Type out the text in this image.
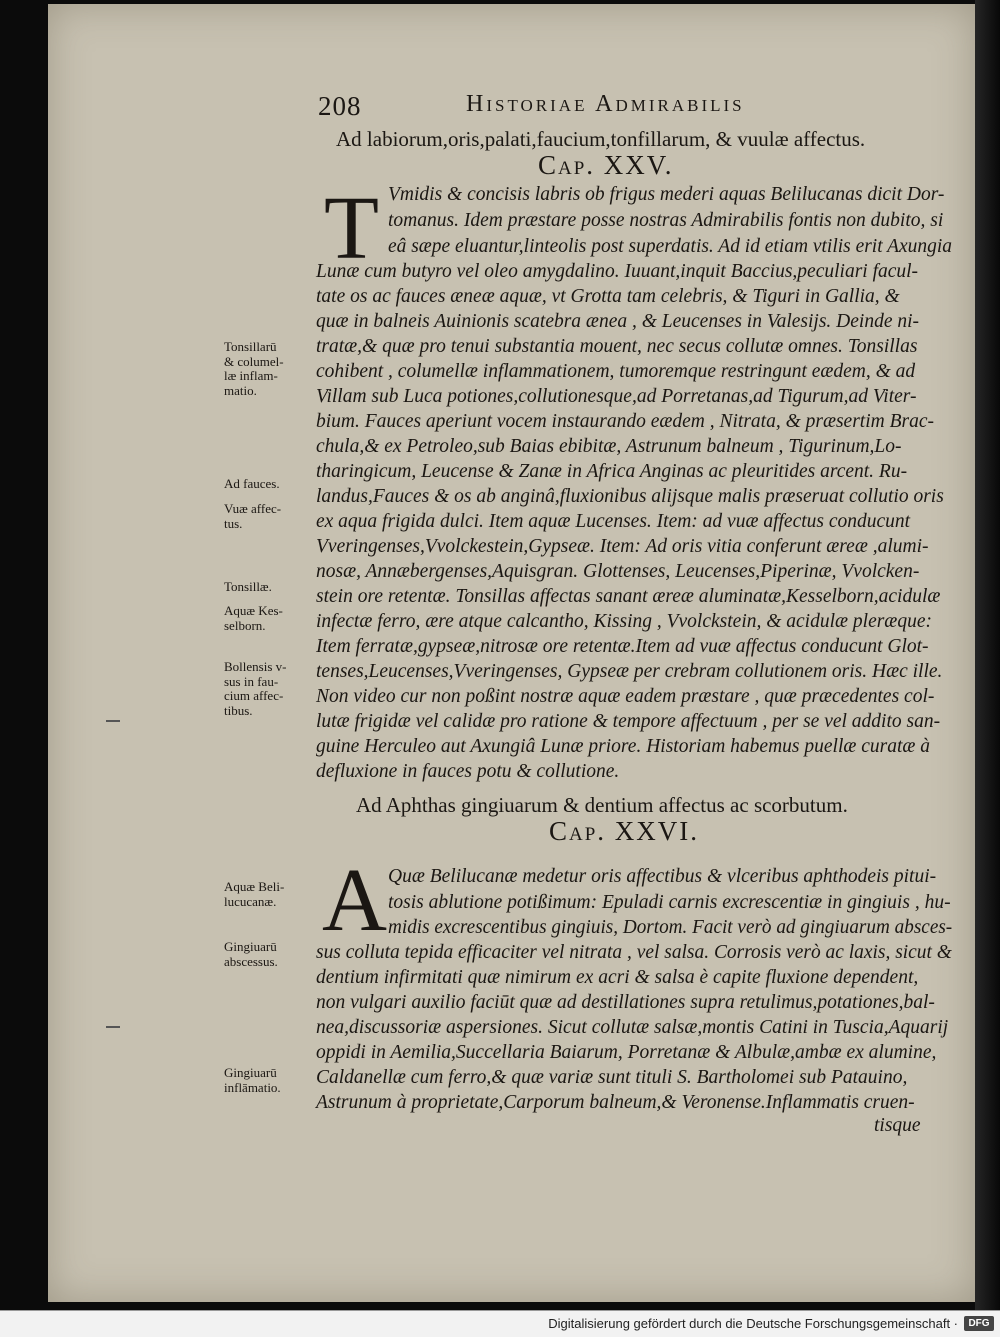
208	Historiae Admirabilis
Ad labiorum,oris,palati,faucium,tonfillarum, & vuulæ affectus.
Cap. XXV.
T Vmidis & concisis labris ob frigus mederi aquas Belilucanas dicit Dor-
tomanus. Idem præstare posse nostras Admirabilis fontis non dubito, si
eâ sæpe eluantur,linteolis post superdatis. Ad id etiam vtilis erit Axungia
Lunæ cum butyro vel oleo amygdalino. Iuuant,inquit Baccius,peculiari facul-
tate os ac fauces æneæ aquæ, vt Grotta tam celebris, & Tiguri in Gallia, &
quæ in balneis Auinionis scatebra ænea , & Leucenses in Valesijs. Deinde ni-
tratæ,& quæ pro tenui substantia mouent, nec secus collutæ omnes. Tonsillas
cohibent , columellæ inflammationem, tumoremque restringunt eædem, & ad
Villam sub Luca potiones,collutionesque,ad Porretanas,ad Tigurum,ad Viter-
bium. Fauces aperiunt vocem instaurando eædem , Nitrata, & præsertim Brac-
chula,& ex Petroleo,sub Baias ebibitæ, Astrunum balneum , Tigurinum,Lo-
tharingicum, Leucense & Zanæ in Africa Anginas ac pleuritides arcent. Ru-
landus,Fauces & os ab anginâ,fluxionibus alijsque malis præseruat collutio oris
ex aqua frigida dulci. Item aquæ Lucenses. Item: ad vuæ affectus conducunt
Vveringenses,Vvolckestein,Gypseæ. Item: Ad oris vitia conferunt æreæ ,alumi-
nosæ, Annæbergenses,Aquisgran. Glottenses, Leucenses,Piperinæ, Vvolcken-
stein ore retentæ. Tonsillas affectas sanant æreæ aluminatæ,Kesselborn,acidulæ
infectæ ferro, ære atque calcantho, Kissing , Vvolckstein, & acidulæ pleræque:
Item ferratæ,gypseæ,nitrosæ ore retentæ.Item ad vuæ affectus conducunt Glot-
tenses,Leucenses,Vveringenses, Gypseæ per crebram collutionem oris. Hæc ille.
Non video cur non poßint nostræ aquæ eadem præstare , quæ præcedentes col-
lutæ frigidæ vel calidæ pro ratione & tempore affectuum , per se vel addito san-
guine Herculeo aut Axungiâ Lunæ priore. Historiam habemus puellæ curatæ à
defluxione in fauces potu & collutione.
Tonsillarū
& columel-
læ inflam-
matio.
Ad fauces.
Vuæ affec-
tus.
Tonsillæ.
Aquæ Kes-
selborn.
Bollensis v-
sus in fau-
cium affec-
tibus.
Ad Aphthas gingiuarum & dentium affectus ac scorbutum.
Cap. XXVI.
A Quæ Belilucanæ medetur oris affectibus & vlceribus aphthodeis pitui-
tosis ablutione potißimum: Epuladi carnis excrescentiæ in gingiuis , hu-
midis excrescentibus gingiuis, Dortom. Facit verò ad gingiuarum absces-
sus colluta tepida efficaciter vel nitrata , vel salsa. Corrosis verò ac laxis, sicut &
dentium infirmitati quæ nimirum ex acri & salsa è capite fluxione dependent,
non vulgari auxilio faciūt quæ ad destillationes supra retulimus,potationes,bal-
nea,discussoriæ aspersiones. Sicut collutæ salsæ,montis Catini in Tuscia,Aquarij
oppidi in Aemilia,Succellaria Baiarum, Porretanæ & Albulæ,ambæ ex alumine,
Caldanellæ cum ferro,& quæ variæ sunt tituli S. Bartholomei sub Patauino,
Astrunum à proprietate,Carporum balneum,& Veronense.Inflammatis cruen-
tisque
Aquæ Beli-
lucucanæ.
Gingiuarū
abscessus.
Gingiuarū
inflāmatio.
Digitalisierung gefördert durch die Deutsche Forschungsgemeinschaft ·	DFG
